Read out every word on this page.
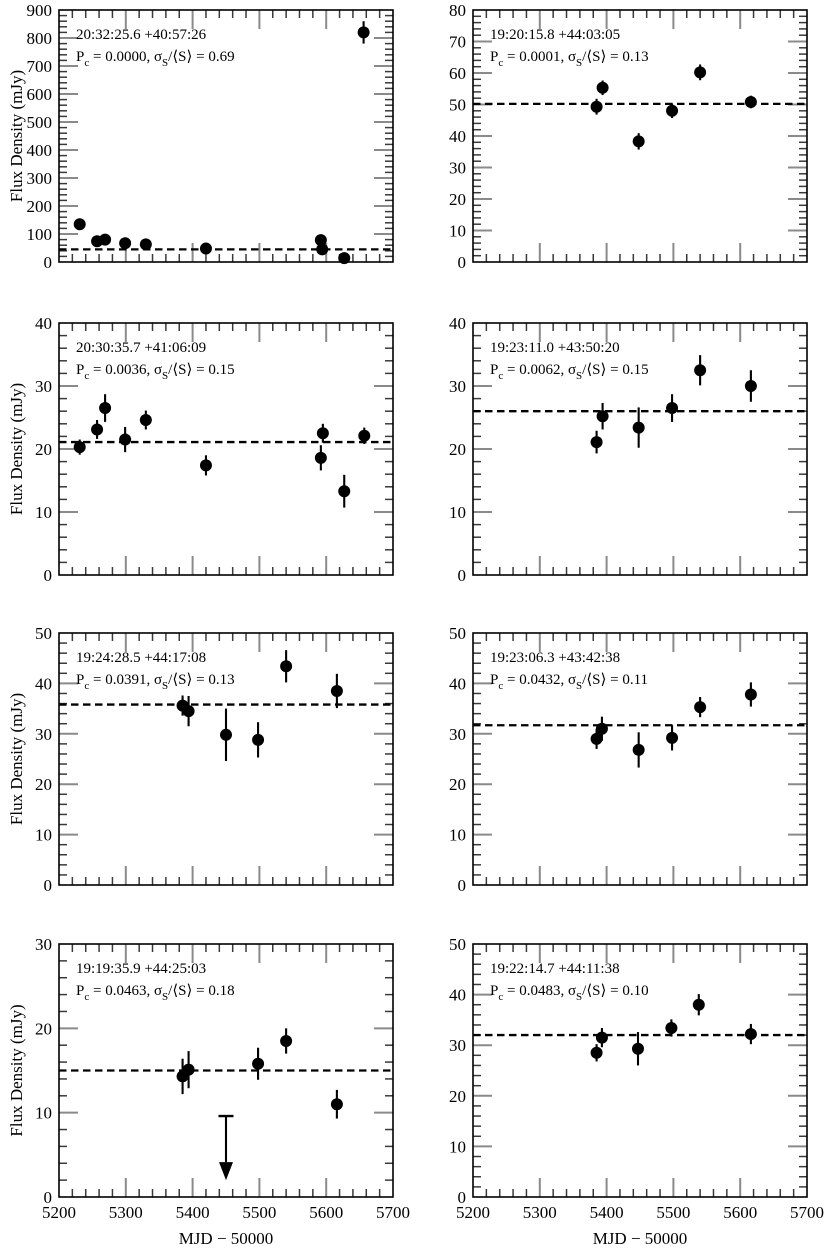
0
100
200
300
400
500
600
700
800
900
Flux Density (mJy)
20:32:25.6 +40:57:26
$P_c = 0.0000$, $\sigma_S/⟨S⟩ = 0.69$
0
10
20
30
40
50
60
70
80
19:20:15.8 +44:03:05
$P_c = 0.0001$, $\sigma_S/⟨S⟩ = 0.13$
0
10
20
30
40
Flux Density (mJy)
20:30:35.7 +41:06:09
$P_c = 0.0036$, $\sigma_S/⟨S⟩ = 0.15$
0
10
20
30
40
19:23:11.0 +43:50:20
$P_c = 0.0062$, $\sigma_S/⟨S⟩ = 0.15$
0
10
20
30
40
50
Flux Density (mJy)
19:24:28.5 +44:17:08
$P_c = 0.0391$, $\sigma_S/⟨S⟩ = 0.13$
0
10
20
30
40
50
19:23:06.3 +43:42:38
$P_c = 0.0432$, $\sigma_S/⟨S⟩ = 0.11$
0
10
20
30
5200 5300 5400 5500 5600 5700
MJD − 50000
Flux Density (mJy)
19:19:35.9 +44:25:03
$P_c = 0.0463$, $\sigma_S/⟨S⟩ = 0.18$
0
10
20
30
40
50
5200 5300 5400 5500 5600 5700
MJD − 50000
19:22:14.7 +44:11:38
$P_c = 0.0483$, $\sigma_S/⟨S⟩ = 0.10$
